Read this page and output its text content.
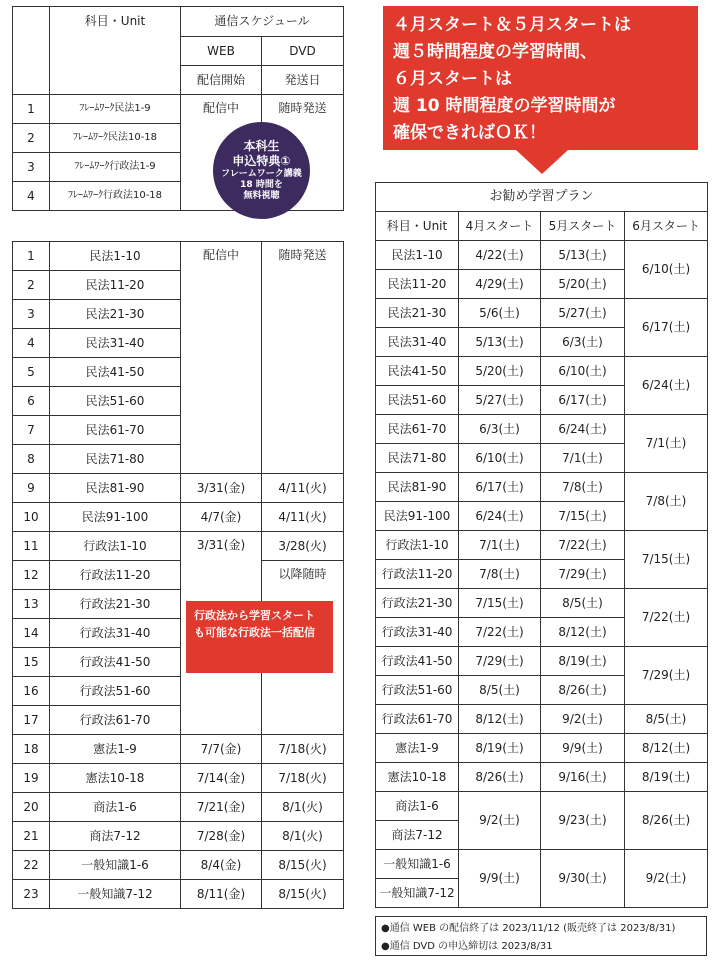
	科目・Unit	通信スケジュール	
		WEB	DVD
		配信開始	発送日
1	ﾌﾚｰﾑﾜｰｸ民法1-9	配信中	随時発送
2	ﾌﾚｰﾑﾜｰｸ民法10-18		
3	ﾌﾚｰﾑﾜｰｸ行政法1-9		
4	ﾌﾚｰﾑﾜｰｸ行政法10-18		
本科生
申込特典①
フレームワーク講義
18 時間を
無料視聴
４月スタート＆５月スタートは
週５時間程度の学習時間、
６月スタートは
週 10 時間程度の学習時間が
確保できればＯＫ！
1	民法1-10	配信中	随時発送
2	民法11-20		
3	民法21-30		
4	民法31-40		
5	民法41-50		
6	民法51-60		
7	民法61-70		
8	民法71-80		
9	民法81-90	3/31(金)	4/11(火)
10	民法91-100	4/7(金)	4/11(火)
11	行政法1-10	3/31(金)	3/28(火)
12	行政法11-20		以降随時
13	行政法21-30		
14	行政法31-40		
15	行政法41-50		
16	行政法51-60		
17	行政法61-70		
18	憲法1-9	7/7(金)	7/18(火)
19	憲法10-18	7/14(金)	7/18(火)
20	商法1-6	7/21(金)	8/1(火)
21	商法7-12	7/28(金)	8/1(火)
22	一般知識1-6	8/4(金)	8/15(火)
23	一般知識7-12	8/11(金)	8/15(火)
行政法から学習スタートも可能な行政法一括配信
お勧め学習プラン			
科目・Unit	4月スタート	5月スタート	6月スタート
民法1-10	4/22(土)	5/13(土)	6/10(土)
民法11-20	4/29(土)	5/20(土)	
民法21-30	5/6(土)	5/27(土)	6/17(土)
民法31-40	5/13(土)	6/3(土)	
民法41-50	5/20(土)	6/10(土)	6/24(土)
民法51-60	5/27(土)	6/17(土)	
民法61-70	6/3(土)	6/24(土)	7/1(土)
民法71-80	6/10(土)	7/1(土)	
民法81-90	6/17(土)	7/8(土)	7/8(土)
民法91-100	6/24(土)	7/15(土)	
行政法1-10	7/1(土)	7/22(土)	7/15(土)
行政法11-20	7/8(土)	7/29(土)	
行政法21-30	7/15(土)	8/5(土)	7/22(土)
行政法31-40	7/22(土)	8/12(土)	
行政法41-50	7/29(土)	8/19(土)	7/29(土)
行政法51-60	8/5(土)	8/26(土)	
行政法61-70	8/12(土)	9/2(土)	8/5(土)
憲法1-9	8/19(土)	9/9(土)	8/12(土)
憲法10-18	8/26(土)	9/16(土)	8/19(土)
商法1-6	9/2(土)	9/23(土)	8/26(土)
商法7-12			
一般知識1-6	9/9(土)	9/30(土)	9/2(土)
一般知識7-12			
●通信 WEB の配信終了は 2023/11/12 (販売終了は 2023/8/31)
●通信 DVD の申込締切は 2023/8/31
